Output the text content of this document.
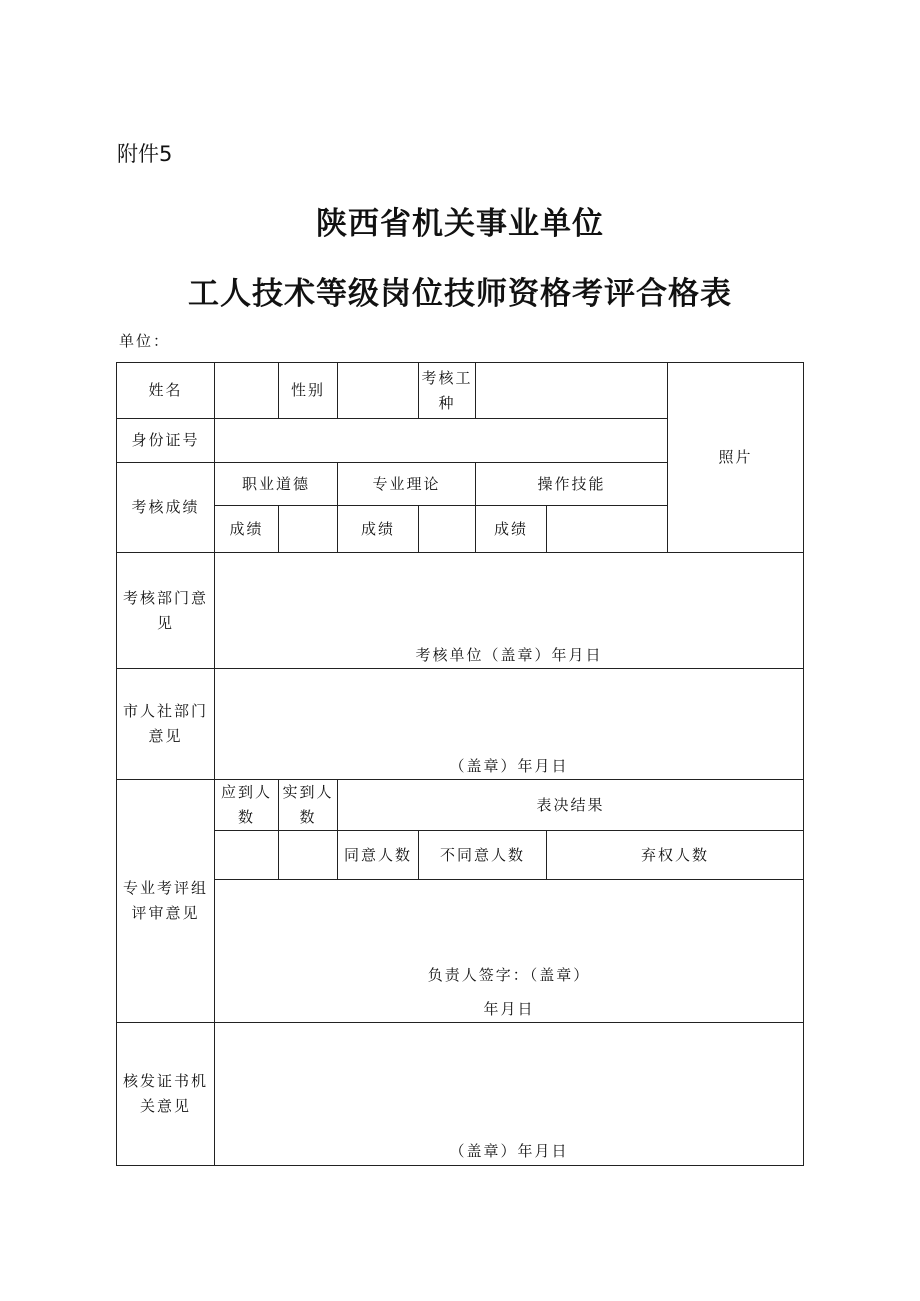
附件5
陕西省机关事业单位
工人技术等级岗位技师资格考评合格表
单位：
姓名		性别		考核工种			照片
身份证号							
考核成绩	职业道德		专业理论		操作技能		
	成绩		成绩		成绩		
考核部门意见	考核单位（盖章）年月日						

市人社部门意见	（盖章）年月日						

专业考评组评审意见	应到人数	实到人数	表决结果				
			同意人数	不同意人数		弃权人数	

	负责人签字：（盖章）
年月日						

核发证书机关意见	（盖章）年月日						
